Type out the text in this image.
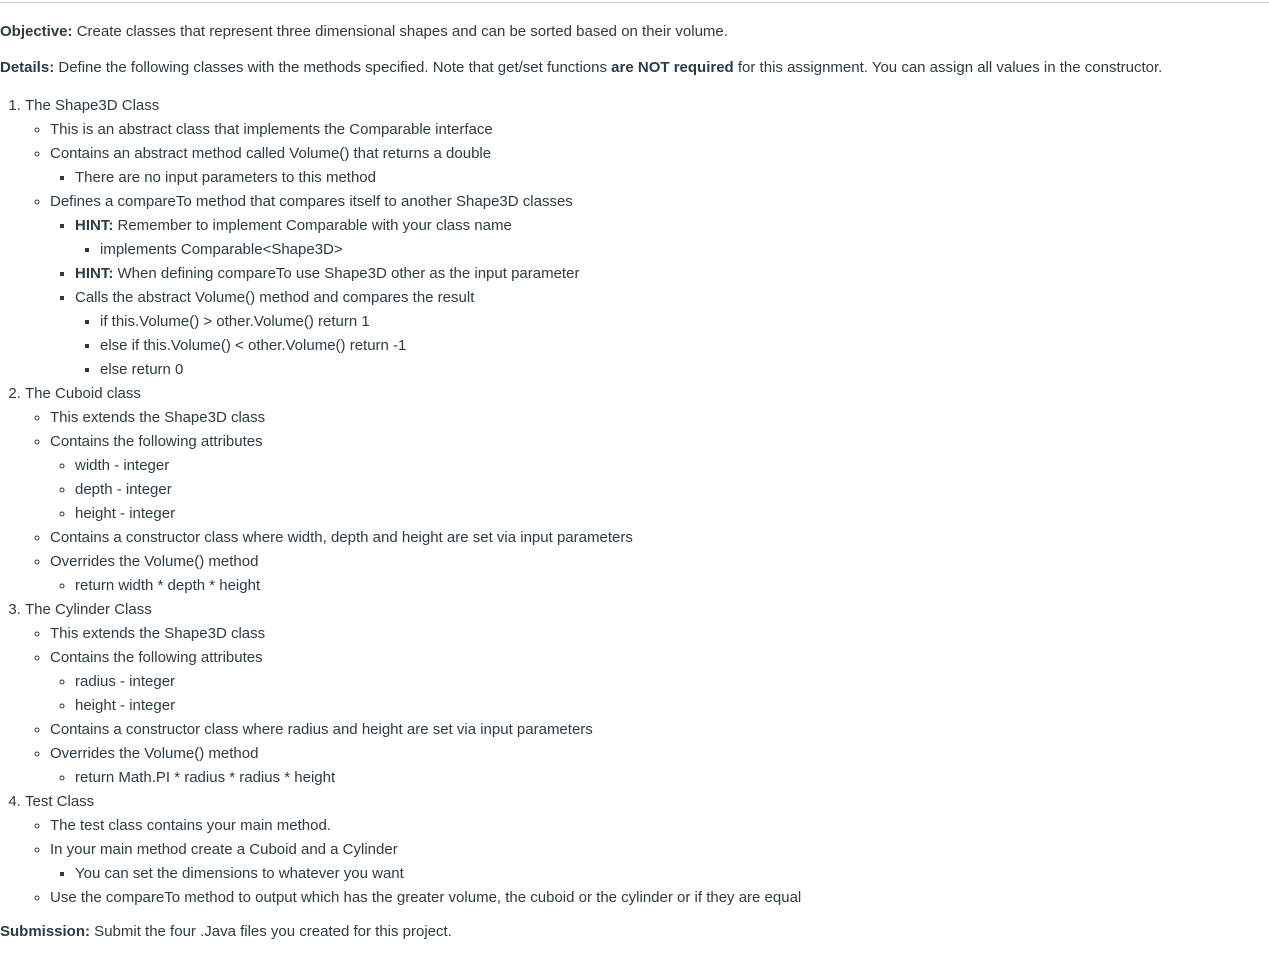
Objective: Create classes that represent three dimensional shapes and can be sorted based on their volume.

Details: Define the following classes with the methods specified. Note that get/set functions are NOT required for this assignment. You can assign all values in the constructor.

1. The Shape3D Class
◦ This is an abstract class that implements the Comparable interface
◦ Contains an abstract method called Volume() that returns a double
▪ There are no input parameters to this method
◦ Defines a compareTo method that compares itself to another Shape3D classes
▪ HINT: Remember to implement Comparable with your class name
▪ implements Comparable<Shape3D>
▪ HINT: When defining compareTo use Shape3D other as the input parameter
▪ Calls the abstract Volume() method and compares the result
▪ if this.Volume() > other.Volume() return 1
▪ else if this.Volume() < other.Volume() return -1
▪ else return 0
2. The Cuboid class
◦ This extends the Shape3D class
◦ Contains the following attributes
◦ width - integer
◦ depth - integer
◦ height - integer
◦ Contains a constructor class where width, depth and height are set via input parameters
◦ Overrides the Volume() method
◦ return width * depth * height
3. The Cylinder Class
◦ This extends the Shape3D class
◦ Contains the following attributes
◦ radius - integer
◦ height - integer
◦ Contains a constructor class where radius and height are set via input parameters
◦ Overrides the Volume() method
◦ return Math.PI * radius * radius * height
4. Test Class
◦ The test class contains your main method.
◦ In your main method create a Cuboid and a Cylinder
▪ You can set the dimensions to whatever you want
◦ Use the compareTo method to output which has the greater volume, the cuboid or the cylinder or if they are equal

Submission: Submit the four .Java files you created for this project.
